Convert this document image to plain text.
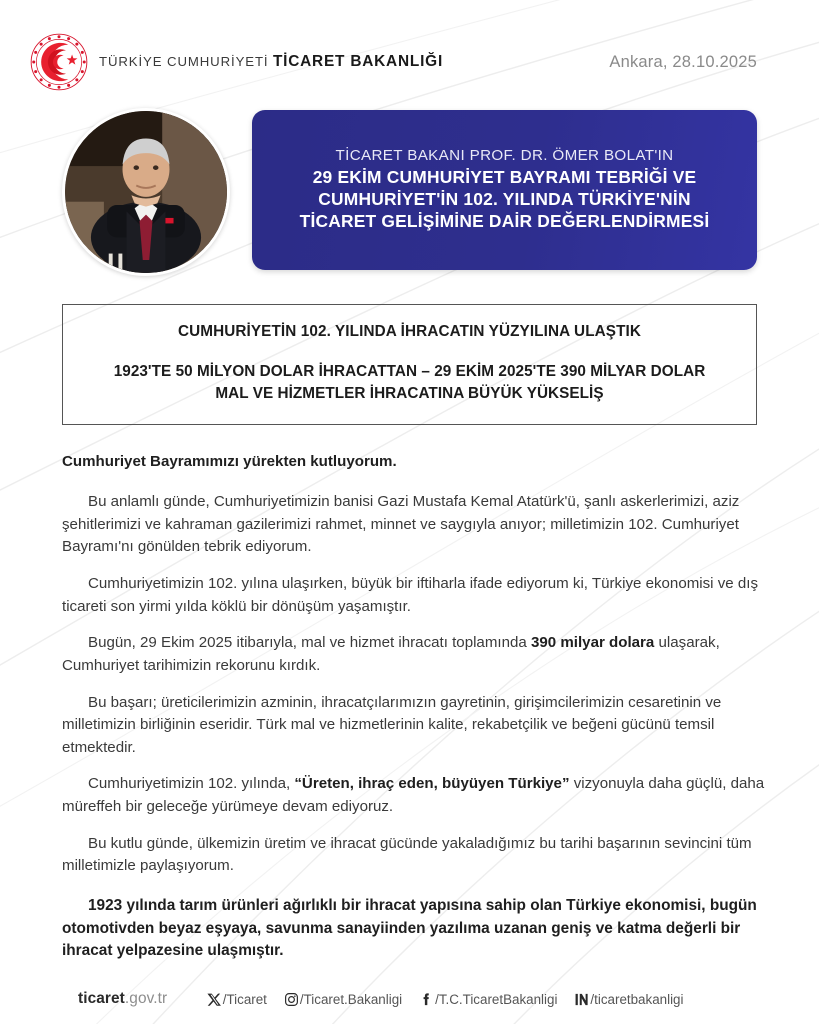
TÜRKİYE CUMHURİYETİ TİCARET BAKANLIĞI	Ankara, 28.10.2025
TİCARET BAKANI PROF. DR. ÖMER BOLAT'IN
29 EKİM CUMHURİYET BAYRAMI TEBRİĞİ VE
CUMHURİYET'İN 102. YILINDA TÜRKİYE'NİN
TİCARET GELİŞİMİNE DAİR DEĞERLENDİRMESİ
CUMHURİYETİN 102. YILINDA İHRACATIN YÜZYILINA ULAŞTIK
1923'TE 50 MİLYON DOLAR İHRACATTAN – 29 EKİM 2025'TE 390 MİLYAR DOLAR
MAL VE HİZMETLER İHRACATINA BÜYÜK YÜKSELİŞ

Cumhuriyet Bayramımızı yürekten kutluyorum.

Bu anlamlı günde, Cumhuriyetimizin banisi Gazi Mustafa Kemal Atatürk'ü, şanlı askerlerimizi, aziz şehitlerimizi ve kahraman gazilerimizi rahmet, minnet ve saygıyla anıyor; milletimizin 102. Cumhuriyet Bayramı'nı gönülden tebrik ediyorum.

Cumhuriyetimizin 102. yılına ulaşırken, büyük bir iftiharla ifade ediyorum ki, Türkiye ekonomisi ve dış ticareti son yirmi yılda köklü bir dönüşüm yaşamıştır.

Bugün, 29 Ekim 2025 itibarıyla, mal ve hizmet ihracatı toplamında 390 milyar dolara ulaşarak, Cumhuriyet tarihimizin rekorunu kırdık.

Bu başarı; üreticilerimizin azminin, ihracatçılarımızın gayretinin, girişimcilerimizin cesaretinin ve milletimizin birliğinin eseridir. Türk mal ve hizmetlerinin kalite, rekabetçilik ve beğeni gücünü temsil etmektedir.

Cumhuriyetimizin 102. yılında, “Üreten, ihraç eden, büyüyen Türkiye” vizyonuyla daha güçlü, daha müreffeh bir geleceğe yürümeye devam ediyoruz.

Bu kutlu günde, ülkemizin üretim ve ihracat gücünde yakaladığımız bu tarihi başarının sevincini tüm milletimizle paylaşıyorum.

1923 yılında tarım ürünleri ağırlıklı bir ihracat yapısına sahip olan Türkiye ekonomisi, bugün otomotivden beyaz eşyaya, savunma sanayiinden yazılıma uzanan geniş ve katma değerli bir ihracat yelpazesine ulaşmıştır.

ticaret.gov.tr	/Ticaret /Ticaret.Bakanligi /T.C.TicaretBakanligi /ticaretbakanligi
